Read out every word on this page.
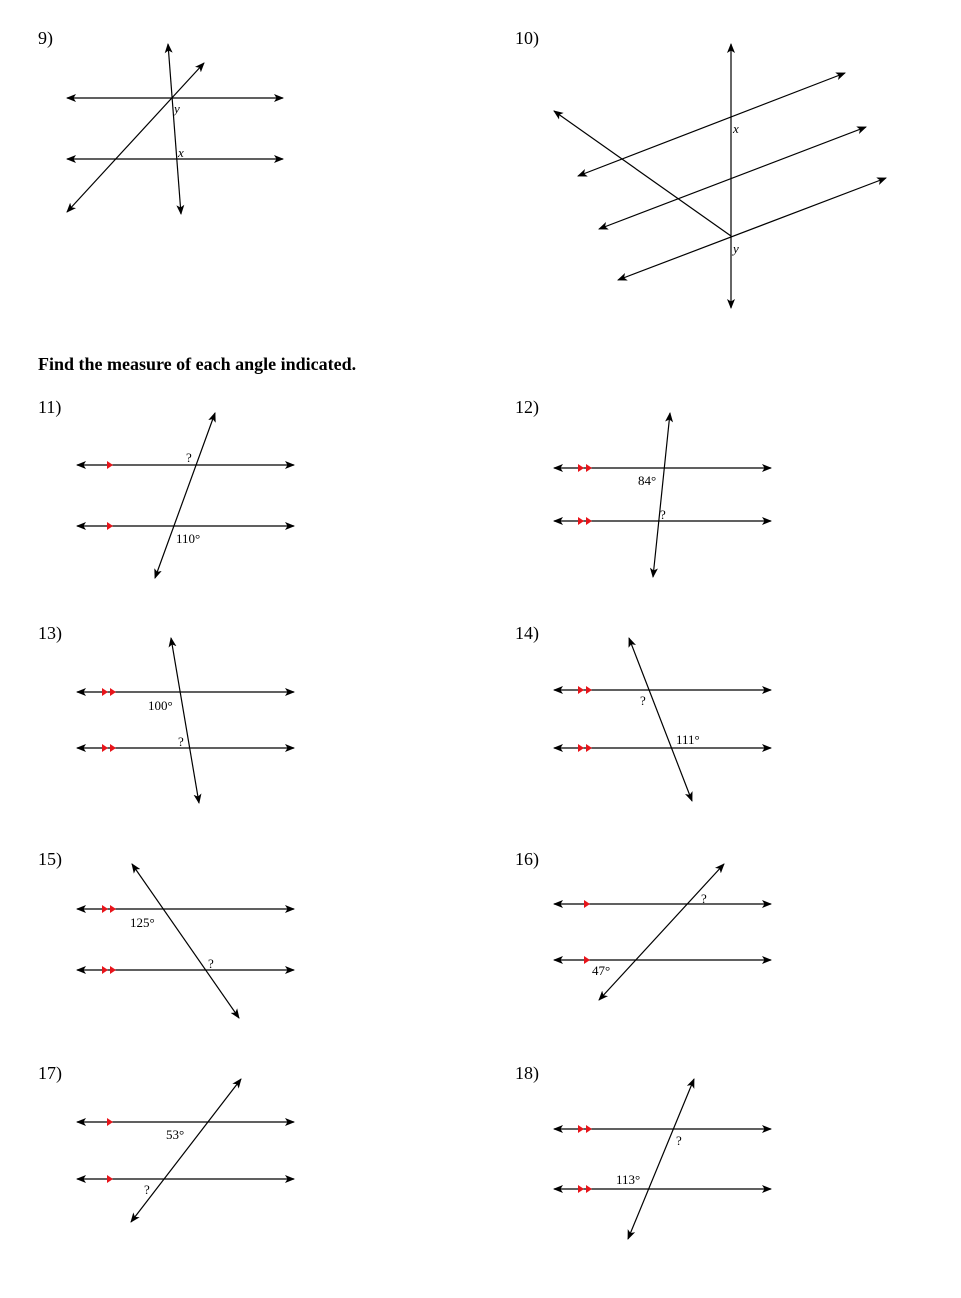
9)	10)
Find the measure of each angle indicated.
11)	12)
13)	14)
15)	16)
17)	18)
y
x
x
y
?
110°
84°
?
100°
?
?
111°
125°
?
?
47°
53°
?
?
113°
